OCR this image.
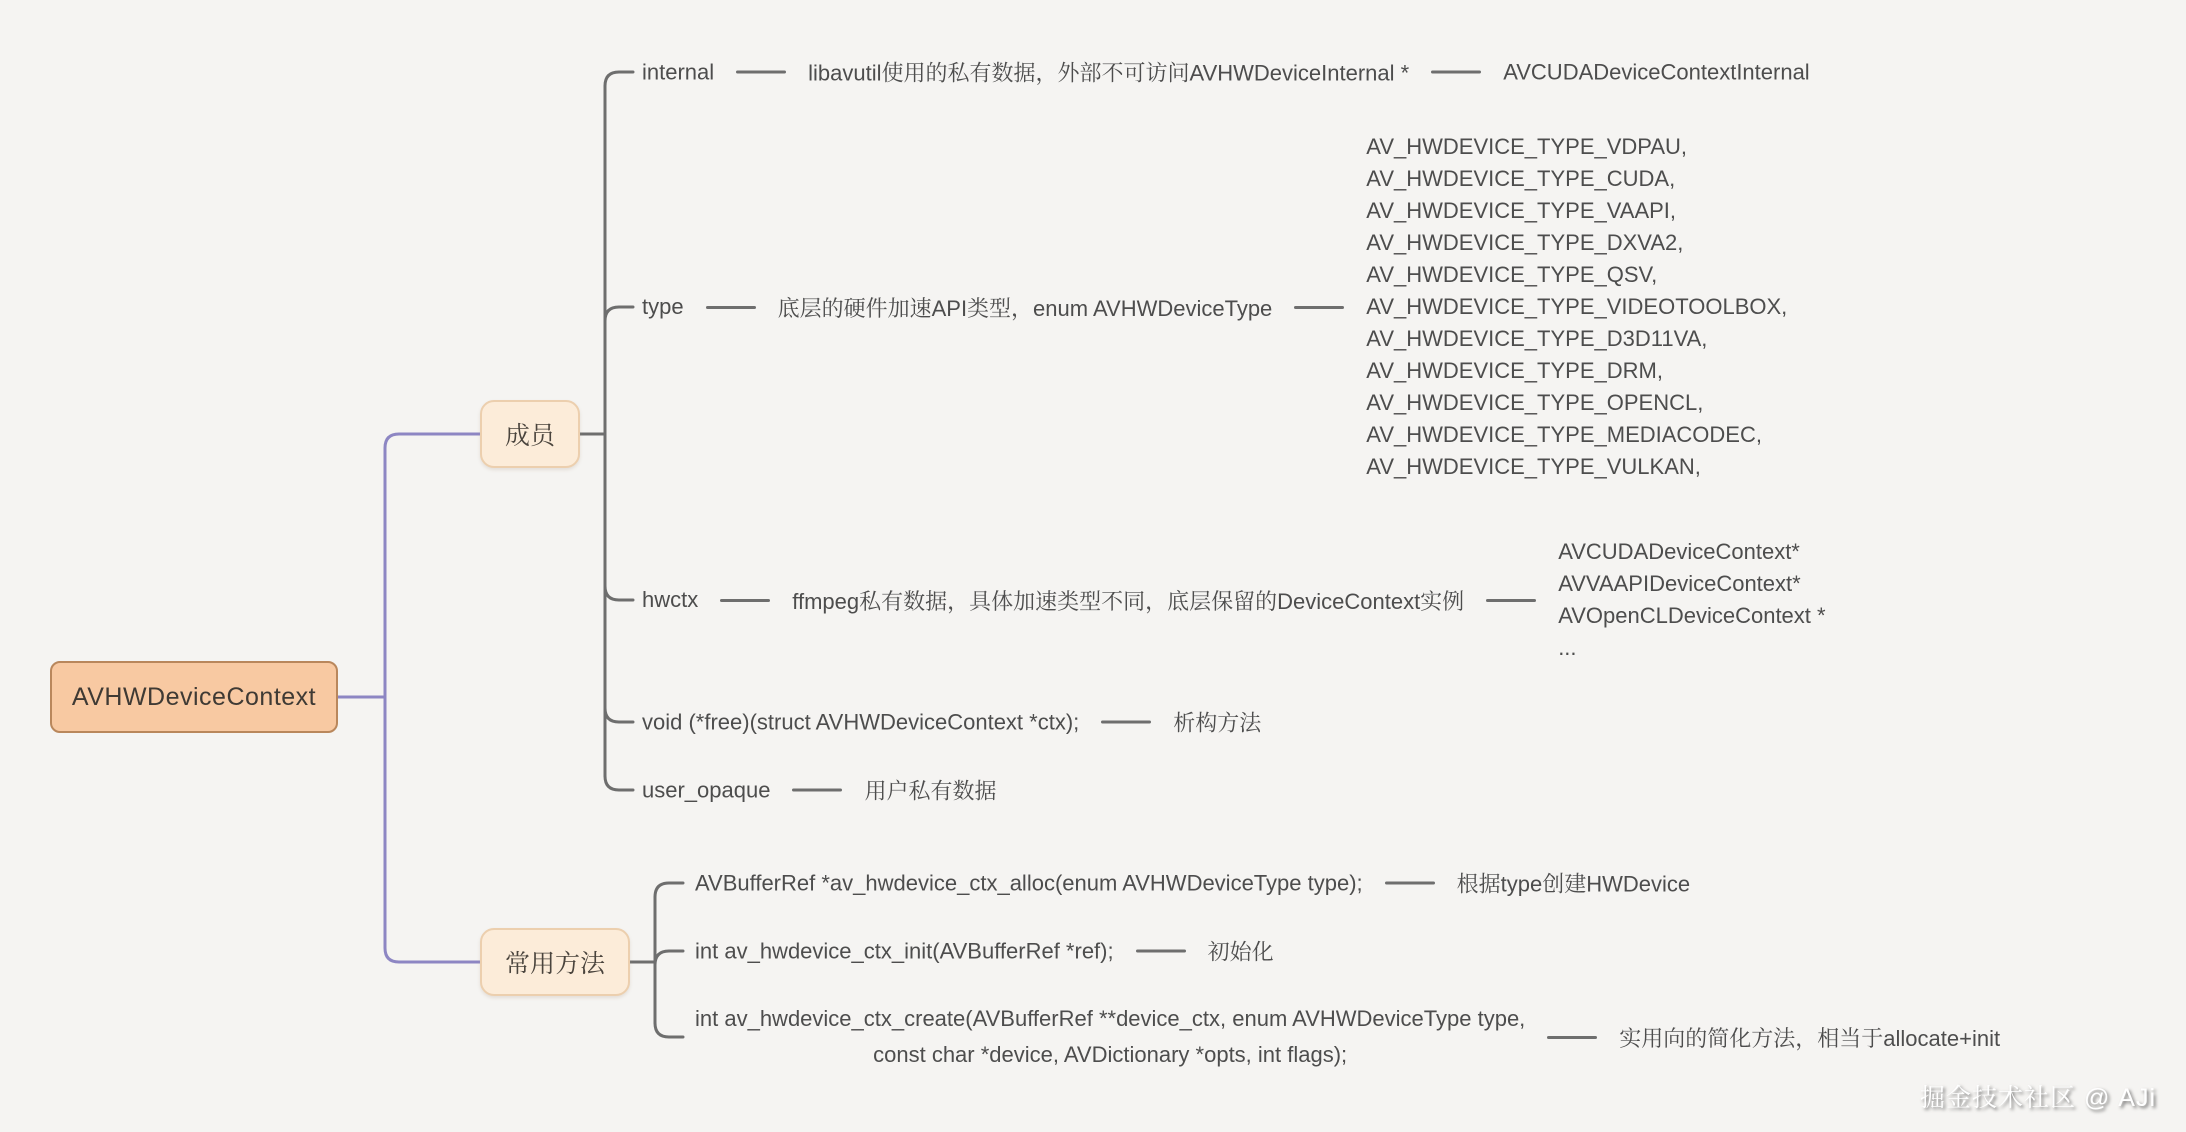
AVHWDeviceContext
成员
常用方法
internal	libavutil使用的私有数据，外部不可访问AVHWDeviceInternal *	AVCUDADeviceContextInternal
type	底层的硬件加速API类型，enum AVHWDeviceType
AV_HWDEVICE_TYPE_VDPAU,
AV_HWDEVICE_TYPE_CUDA,
AV_HWDEVICE_TYPE_VAAPI,
AV_HWDEVICE_TYPE_DXVA2,
AV_HWDEVICE_TYPE_QSV,
AV_HWDEVICE_TYPE_VIDEOTOOLBOX,
AV_HWDEVICE_TYPE_D3D11VA,
AV_HWDEVICE_TYPE_DRM,
AV_HWDEVICE_TYPE_OPENCL,
AV_HWDEVICE_TYPE_MEDIACODEC,
AV_HWDEVICE_TYPE_VULKAN,
hwctx	ffmpeg私有数据，具体加速类型不同，底层保留的DeviceContext实例
AVCUDADeviceContext*
AVVAAPIDeviceContext*
AVOpenCLDeviceContext *
...
void (*free)(struct AVHWDeviceContext *ctx);	析构方法
user_opaque	用户私有数据
AVBufferRef *av_hwdevice_ctx_alloc(enum AVHWDeviceType type);	根据type创建HWDevice
int av_hwdevice_ctx_init(AVBufferRef *ref);	初始化
int av_hwdevice_ctx_create(AVBufferRef **device_ctx, enum AVHWDeviceType type,
const char *device, AVDictionary *opts, int flags);
实用向的简化方法，相当于allocate+init
掘金技术社区 @ AJi
